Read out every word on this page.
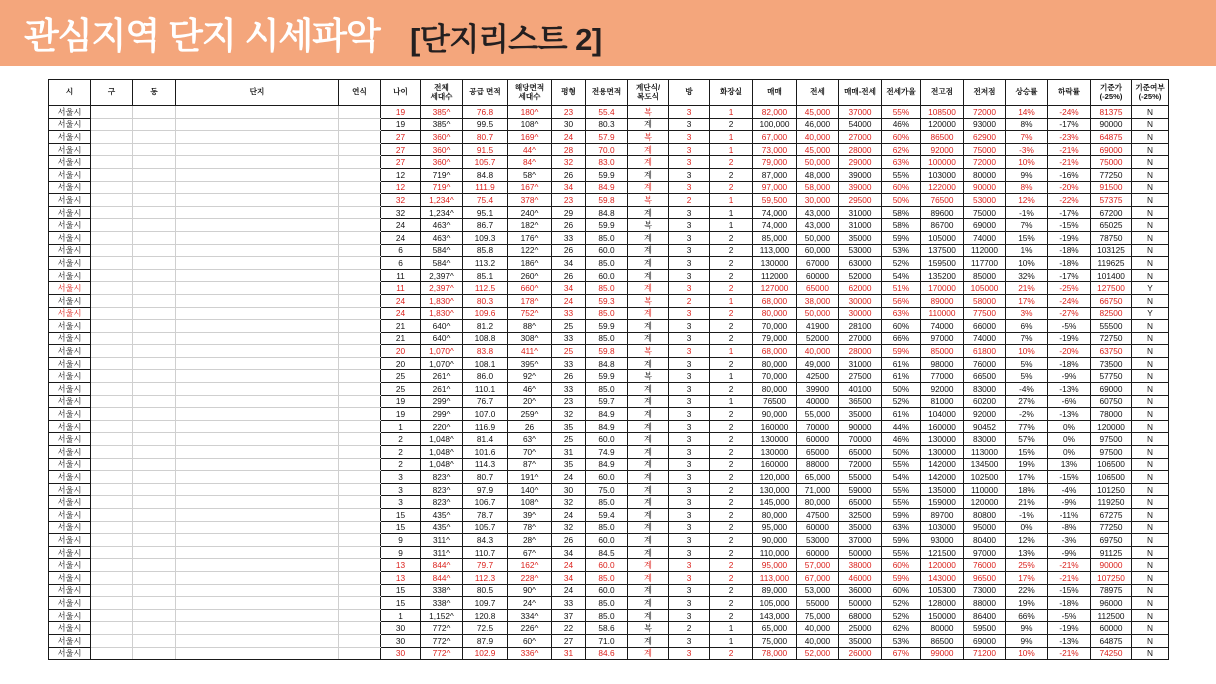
관심지역 단지 시세파악 [단지리스트 2]
시	구	동	단지	연식	나이	전체
세대수	공급 면적	해당면적
세대수	평형	전용면적	계단식/
복도식	방	화장실	매매	전세	매매-전세	전세가율	전고점	전저점	상승률	하락률	기준가
(-25%)	기준여부
(-25%)
서울시					19	385^	76.8	180^	23	55.4	복	3	1	82,000	45,000	37000	55%	108500	72000	14%	-24%	81375	N
서울시					19	385^	99.5	108^	30	80.3	계	3	2	100,000	46,000	54000	46%	120000	93000	8%	-17%	90000	N
서울시					27	360^	80.7	169^	24	57.9	복	3	1	67,000	40,000	27000	60%	86500	62900	7%	-23%	64875	N
서울시					27	360^	91.5	44^	28	70.0	계	3	1	73,000	45,000	28000	62%	92000	75000	-3%	-21%	69000	N
서울시					27	360^	105.7	84^	32	83.0	계	3	2	79,000	50,000	29000	63%	100000	72000	10%	-21%	75000	N
서울시					12	719^	84.8	58^	26	59.9	계	3	2	87,000	48,000	39000	55%	103000	80000	9%	-16%	77250	N
서울시					12	719^	111.9	167^	34	84.9	계	3	2	97,000	58,000	39000	60%	122000	90000	8%	-20%	91500	N
서울시					32	1,234^	75.4	378^	23	59.8	복	2	1	59,500	30,000	29500	50%	76500	53000	12%	-22%	57375	N
서울시					32	1,234^	95.1	240^	29	84.8	계	3	1	74,000	43,000	31000	58%	89600	75000	-1%	-17%	67200	N
서울시					24	463^	86.7	182^	26	59.9	복	3	1	74,000	43,000	31000	58%	86700	69000	7%	-15%	65025	N
서울시					24	463^	109.3	176^	33	85.0	계	3	2	85,000	50,000	35000	59%	105000	74000	15%	-19%	78750	N
서울시					6	584^	85.8	122^	26	60.0	계	3	2	113,000	60,000	53000	53%	137500	112000	1%	-18%	103125	N
서울시					6	584^	113.2	186^	34	85.0	계	3	2	130000	67000	63000	52%	159500	117700	10%	-18%	119625	N
서울시					11	2,397^	85.1	260^	26	60.0	계	3	2	112000	60000	52000	54%	135200	85000	32%	-17%	101400	N
서울시					11	2,397^	112.5	660^	34	85.0	계	3	2	127000	65000	62000	51%	170000	105000	21%	-25%	127500	Y
서울시					24	1,830^	80.3	178^	24	59.3	복	2	1	68,000	38,000	30000	56%	89000	58000	17%	-24%	66750	N
서울시					24	1,830^	109.6	752^	33	85.0	계	3	2	80,000	50,000	30000	63%	110000	77500	3%	-27%	82500	Y
서울시					21	640^	81.2	88^	25	59.9	계	3	2	70,000	41900	28100	60%	74000	66000	6%	-5%	55500	N
서울시					21	640^	108.8	308^	33	85.0	계	3	2	79,000	52000	27000	66%	97000	74000	7%	-19%	72750	N
서울시					20	1,070^	83.8	411^	25	59.8	복	3	1	68,000	40,000	28000	59%	85000	61800	10%	-20%	63750	N
서울시					20	1,070^	108.1	395^	33	84.8	계	3	2	80,000	49,000	31000	61%	98000	76000	5%	-18%	73500	N
서울시					25	261^	86.0	92^	26	59.9	복	3	1	70,000	42500	27500	61%	77000	66500	5%	-9%	57750	N
서울시					25	261^	110.1	46^	33	85.0	계	3	2	80,000	39900	40100	50%	92000	83000	-4%	-13%	69000	N
서울시					19	299^	76.7	20^	23	59.7	계	3	1	76500	40000	36500	52%	81000	60200	27%	-6%	60750	N
서울시					19	299^	107.0	259^	32	84.9	계	3	2	90,000	55,000	35000	61%	104000	92000	-2%	-13%	78000	N
서울시					1	220^	116.9	26	35	84.9	계	3	2	160000	70000	90000	44%	160000	90452	77%	0%	120000	N
서울시					2	1,048^	81.4	63^	25	60.0	계	3	2	130000	60000	70000	46%	130000	83000	57%	0%	97500	N
서울시					2	1,048^	101.6	70^	31	74.9	계	3	2	130000	65000	65000	50%	130000	113000	15%	0%	97500	N
서울시					2	1,048^	114.3	87^	35	84.9	계	3	2	160000	88000	72000	55%	142000	134500	19%	13%	106500	N
서울시					3	823^	80.7	191^	24	60.0	계	3	2	120,000	65,000	55000	54%	142000	102500	17%	-15%	106500	N
서울시					3	823^	97.9	140^	30	75.0	계	3	2	130,000	71,000	59000	55%	135000	110000	18%	-4%	101250	N
서울시					3	823^	106.7	108^	32	85.0	계	3	2	145,000	80,000	65000	55%	159000	120000	21%	-9%	119250	N
서울시					15	435^	78.7	39^	24	59.4	계	3	2	80,000	47500	32500	59%	89700	80800	-1%	-11%	67275	N
서울시					15	435^	105.7	78^	32	85.0	계	3	2	95,000	60000	35000	63%	103000	95000	0%	-8%	77250	N
서울시					9	311^	84.3	28^	26	60.0	계	3	2	90,000	53000	37000	59%	93000	80400	12%	-3%	69750	N
서울시					9	311^	110.7	67^	34	84.5	계	3	2	110,000	60000	50000	55%	121500	97000	13%	-9%	91125	N
서울시					13	844^	79.7	162^	24	60.0	계	3	2	95,000	57,000	38000	60%	120000	76000	25%	-21%	90000	N
서울시					13	844^	112.3	228^	34	85.0	계	3	2	113,000	67,000	46000	59%	143000	96500	17%	-21%	107250	N
서울시					15	338^	80.5	90^	24	60.0	계	3	2	89,000	53,000	36000	60%	105300	73000	22%	-15%	78975	N
서울시					15	338^	109.7	24^	33	85.0	계	3	2	105,000	55000	50000	52%	128000	88000	19%	-18%	96000	N
서울시					1	1,152^	120.8	334^	37	85.0	계	3	2	143,000	75,000	68000	52%	150000	86400	66%	-5%	112500	N
서울시					30	772^	72.5	226^	22	58.6	복	2	1	65,000	40,000	25000	62%	80000	59500	9%	-19%	60000	N
서울시					30	772^	87.9	60^	27	71.0	계	3	1	75,000	40,000	35000	53%	86500	69000	9%	-13%	64875	N
서울시					30	772^	102.9	336^	31	84.6	계	3	2	78,000	52,000	26000	67%	99000	71200	10%	-21%	74250	N
